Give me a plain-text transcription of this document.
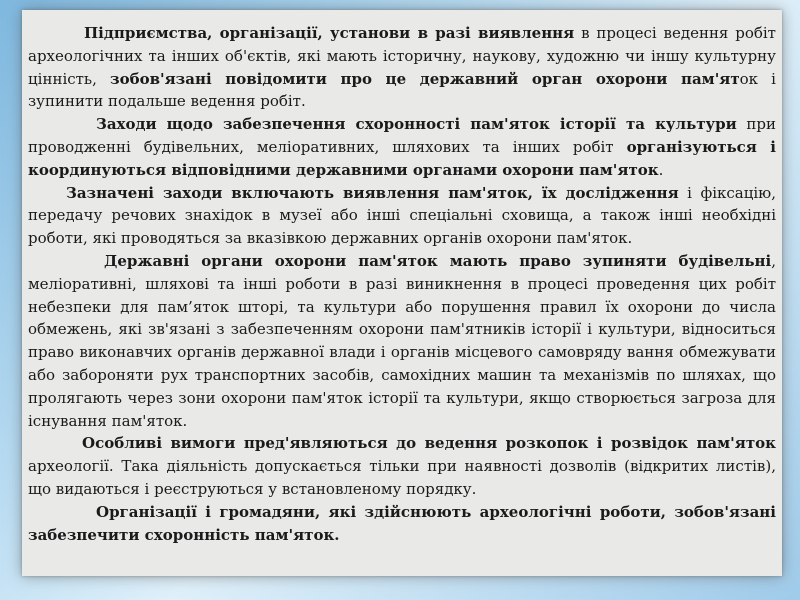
Підприємства, організації, установи в разі виявлення в процесі ведення робіт археологічних та інших об'єктів, які мають історичну, наукову, художню чи іншу культурну цінність, зобов'язані повідомити про це державний орган охорони пам'яток і зупинити подальше ведення робіт.

Заходи щодо забезпечення схоронності пам'яток історії та культури при проводженні будівельних, меліоративних, шляхових та інших робіт організуються і координуються відповідними державними органами охорони пам'яток.

Зазначені заходи включають виявлення пам'яток, їх дослідження і фіксацію, передачу речових знахідок в музеї або інші спеціальні сховища, а також інші необхідні роботи, які проводяться за вказівкою державних органів охорони пам'яток.

Державні органи охорони пам'яток мають право зупиняти будівельні, меліоративні, шляхові та інші роботи в разі виникнення в процесі проведення цих робіт небезпеки для пам’яток шторі, та культури або порушення правил їх охорони до числа обмежень, які зв'язані з забезпеченням охорони пам'ятників історії і культури, відноситься право виконавчих органів державної влади і органів місцевого самовряду вання обмежувати або забороняти рух транспортних засобів, самохідних машин та механізмів по шляхах, що пролягають через зони охорони пам'яток історії та культури, якщо створюється загроза для існування пам'яток.

Особливі вимоги пред'являються до ведення розкопок і розвідок пам'яток археології. Така діяльність допускається тільки при наявності дозволів (відкритих листів), що видаються і реєструються у встановленому порядку.

Організації і громадяни, які здійснюють археологічні роботи, зобов'язані забезпечити схоронність пам'яток.
